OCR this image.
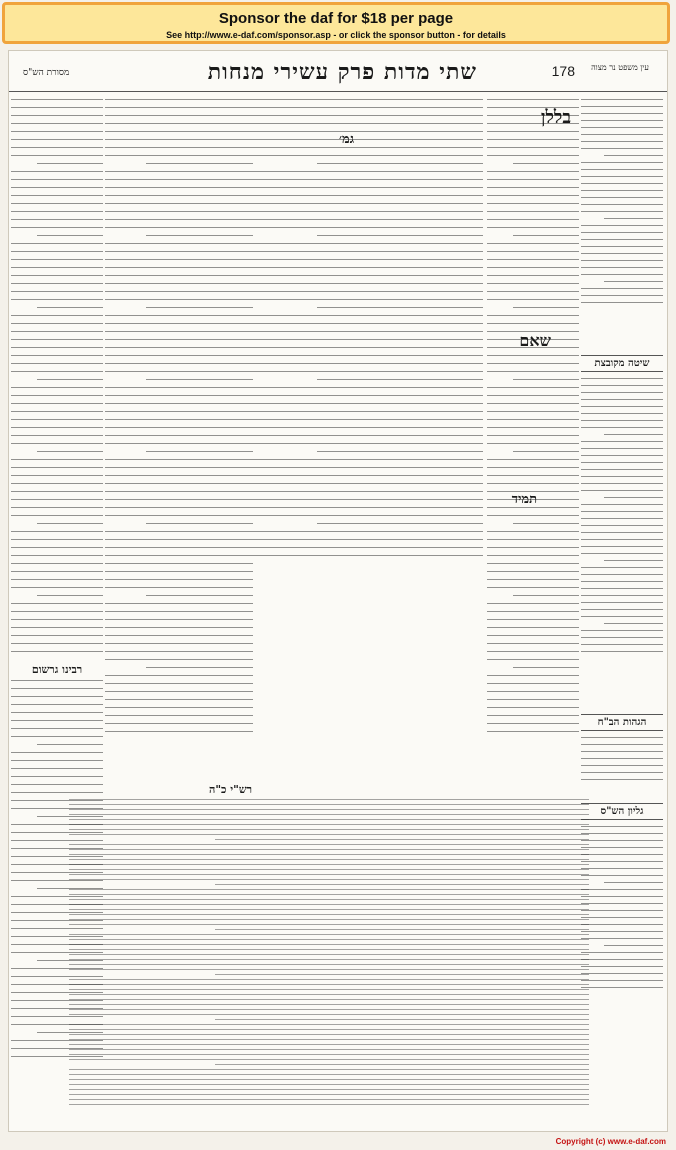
Sponsor the daf for $18 per page
See http://www.e-daf.com/sponsor.asp - or click the sponsor button - for details
מסורת הש"ס	שתי מדות פרק עשירי מנחות	178	עין משפט נר מצוה
שיטה מקובצת
הגהות הב"ח
גליון הש"ס
רבינו גרשום
בללן
שאם
תמיד
גמ׳
רש"י כ"ה
Copyright (c) www.e-daf.com
